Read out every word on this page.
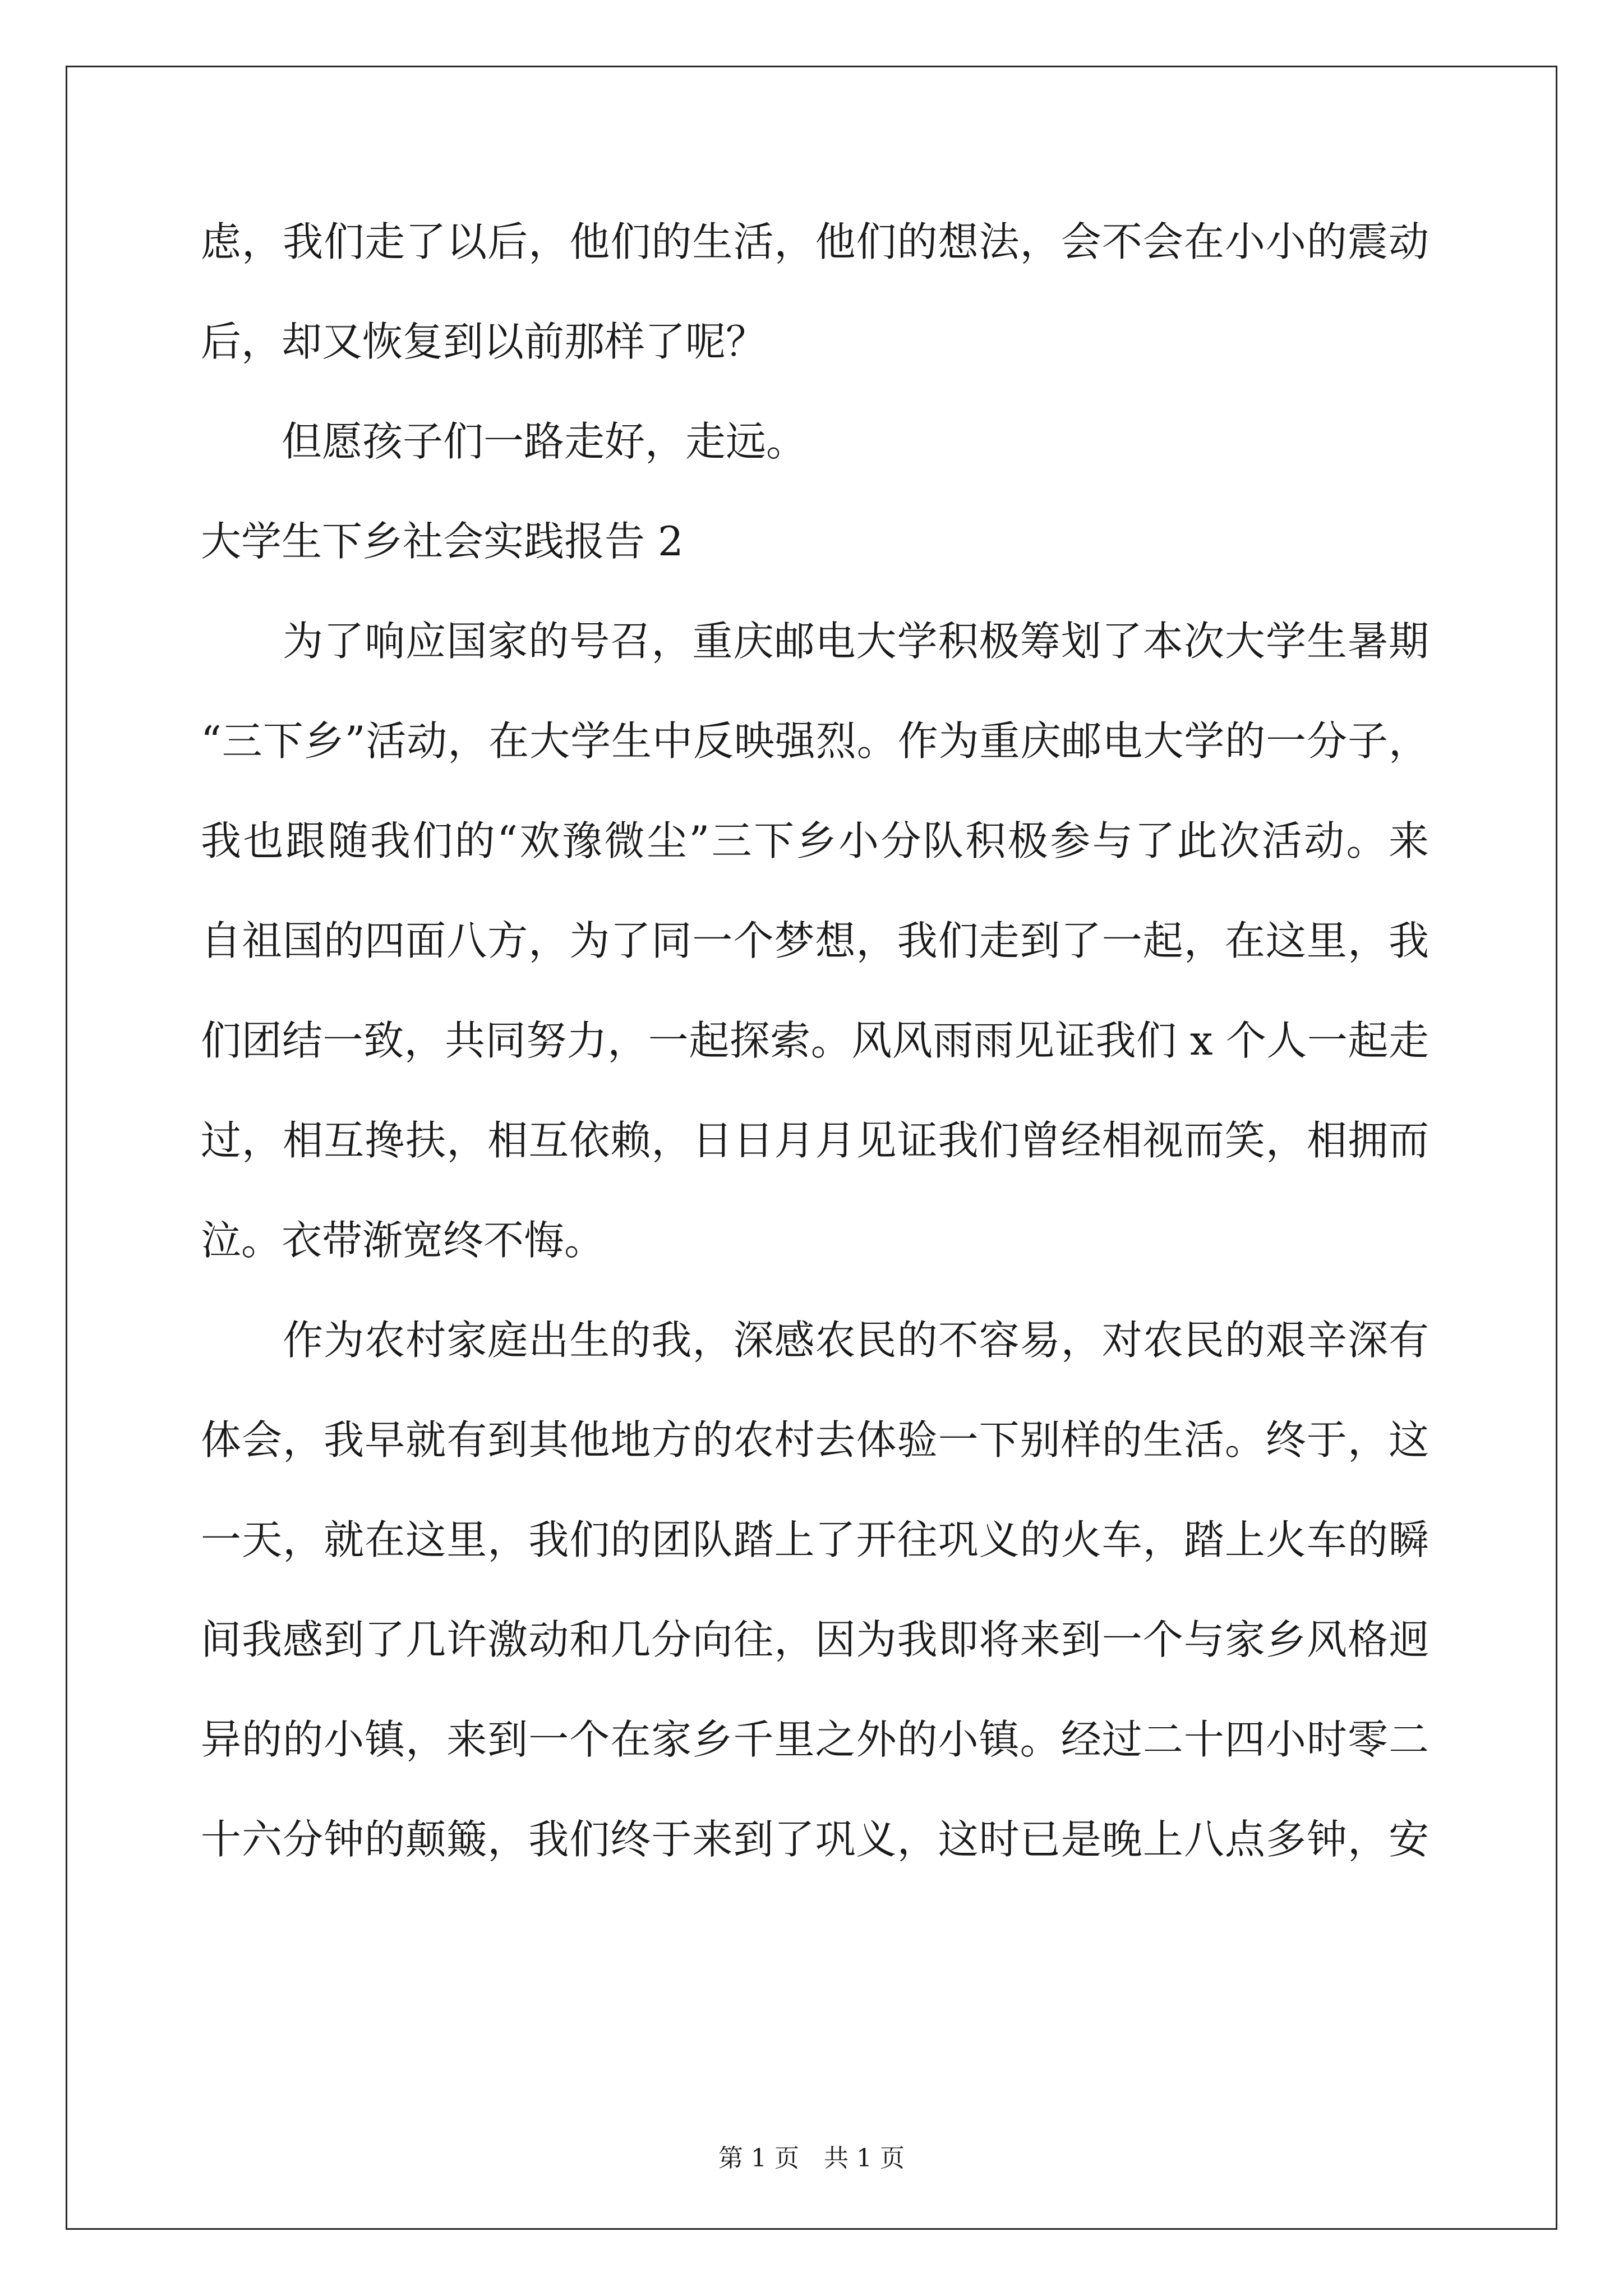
虑，我们走了以后，他们的生活，他们的想法，会不会在小小的震动
后，却又恢复到以前那样了呢？
　　但愿孩子们一路走好，走远。
大学生下乡社会实践报告 2
　　为了响应国家的号召，重庆邮电大学积极筹划了本次大学生暑期
“三下乡”活动，在大学生中反映强烈。作为重庆邮电大学的一分子，
我也跟随我们的“欢豫微尘”三下乡小分队积极参与了此次活动。来
自祖国的四面八方，为了同一个梦想，我们走到了一起，在这里，我
们团结一致，共同努力，一起探索。风风雨雨见证我们 x 个人一起走
过，相互搀扶，相互依赖，日日月月见证我们曾经相视而笑，相拥而
泣。衣带渐宽终不悔。
　　作为农村家庭出生的我，深感农民的不容易，对农民的艰辛深有
体会，我早就有到其他地方的农村去体验一下别样的生活。终于，这
一天，就在这里，我们的团队踏上了开往巩义的火车，踏上火车的瞬
间我感到了几许激动和几分向往，因为我即将来到一个与家乡风格迥
异的的小镇，来到一个在家乡千里之外的小镇。经过二十四小时零二
十六分钟的颠簸，我们终于来到了巩义，这时已是晚上八点多钟，安
第 1 页 共 1 页
